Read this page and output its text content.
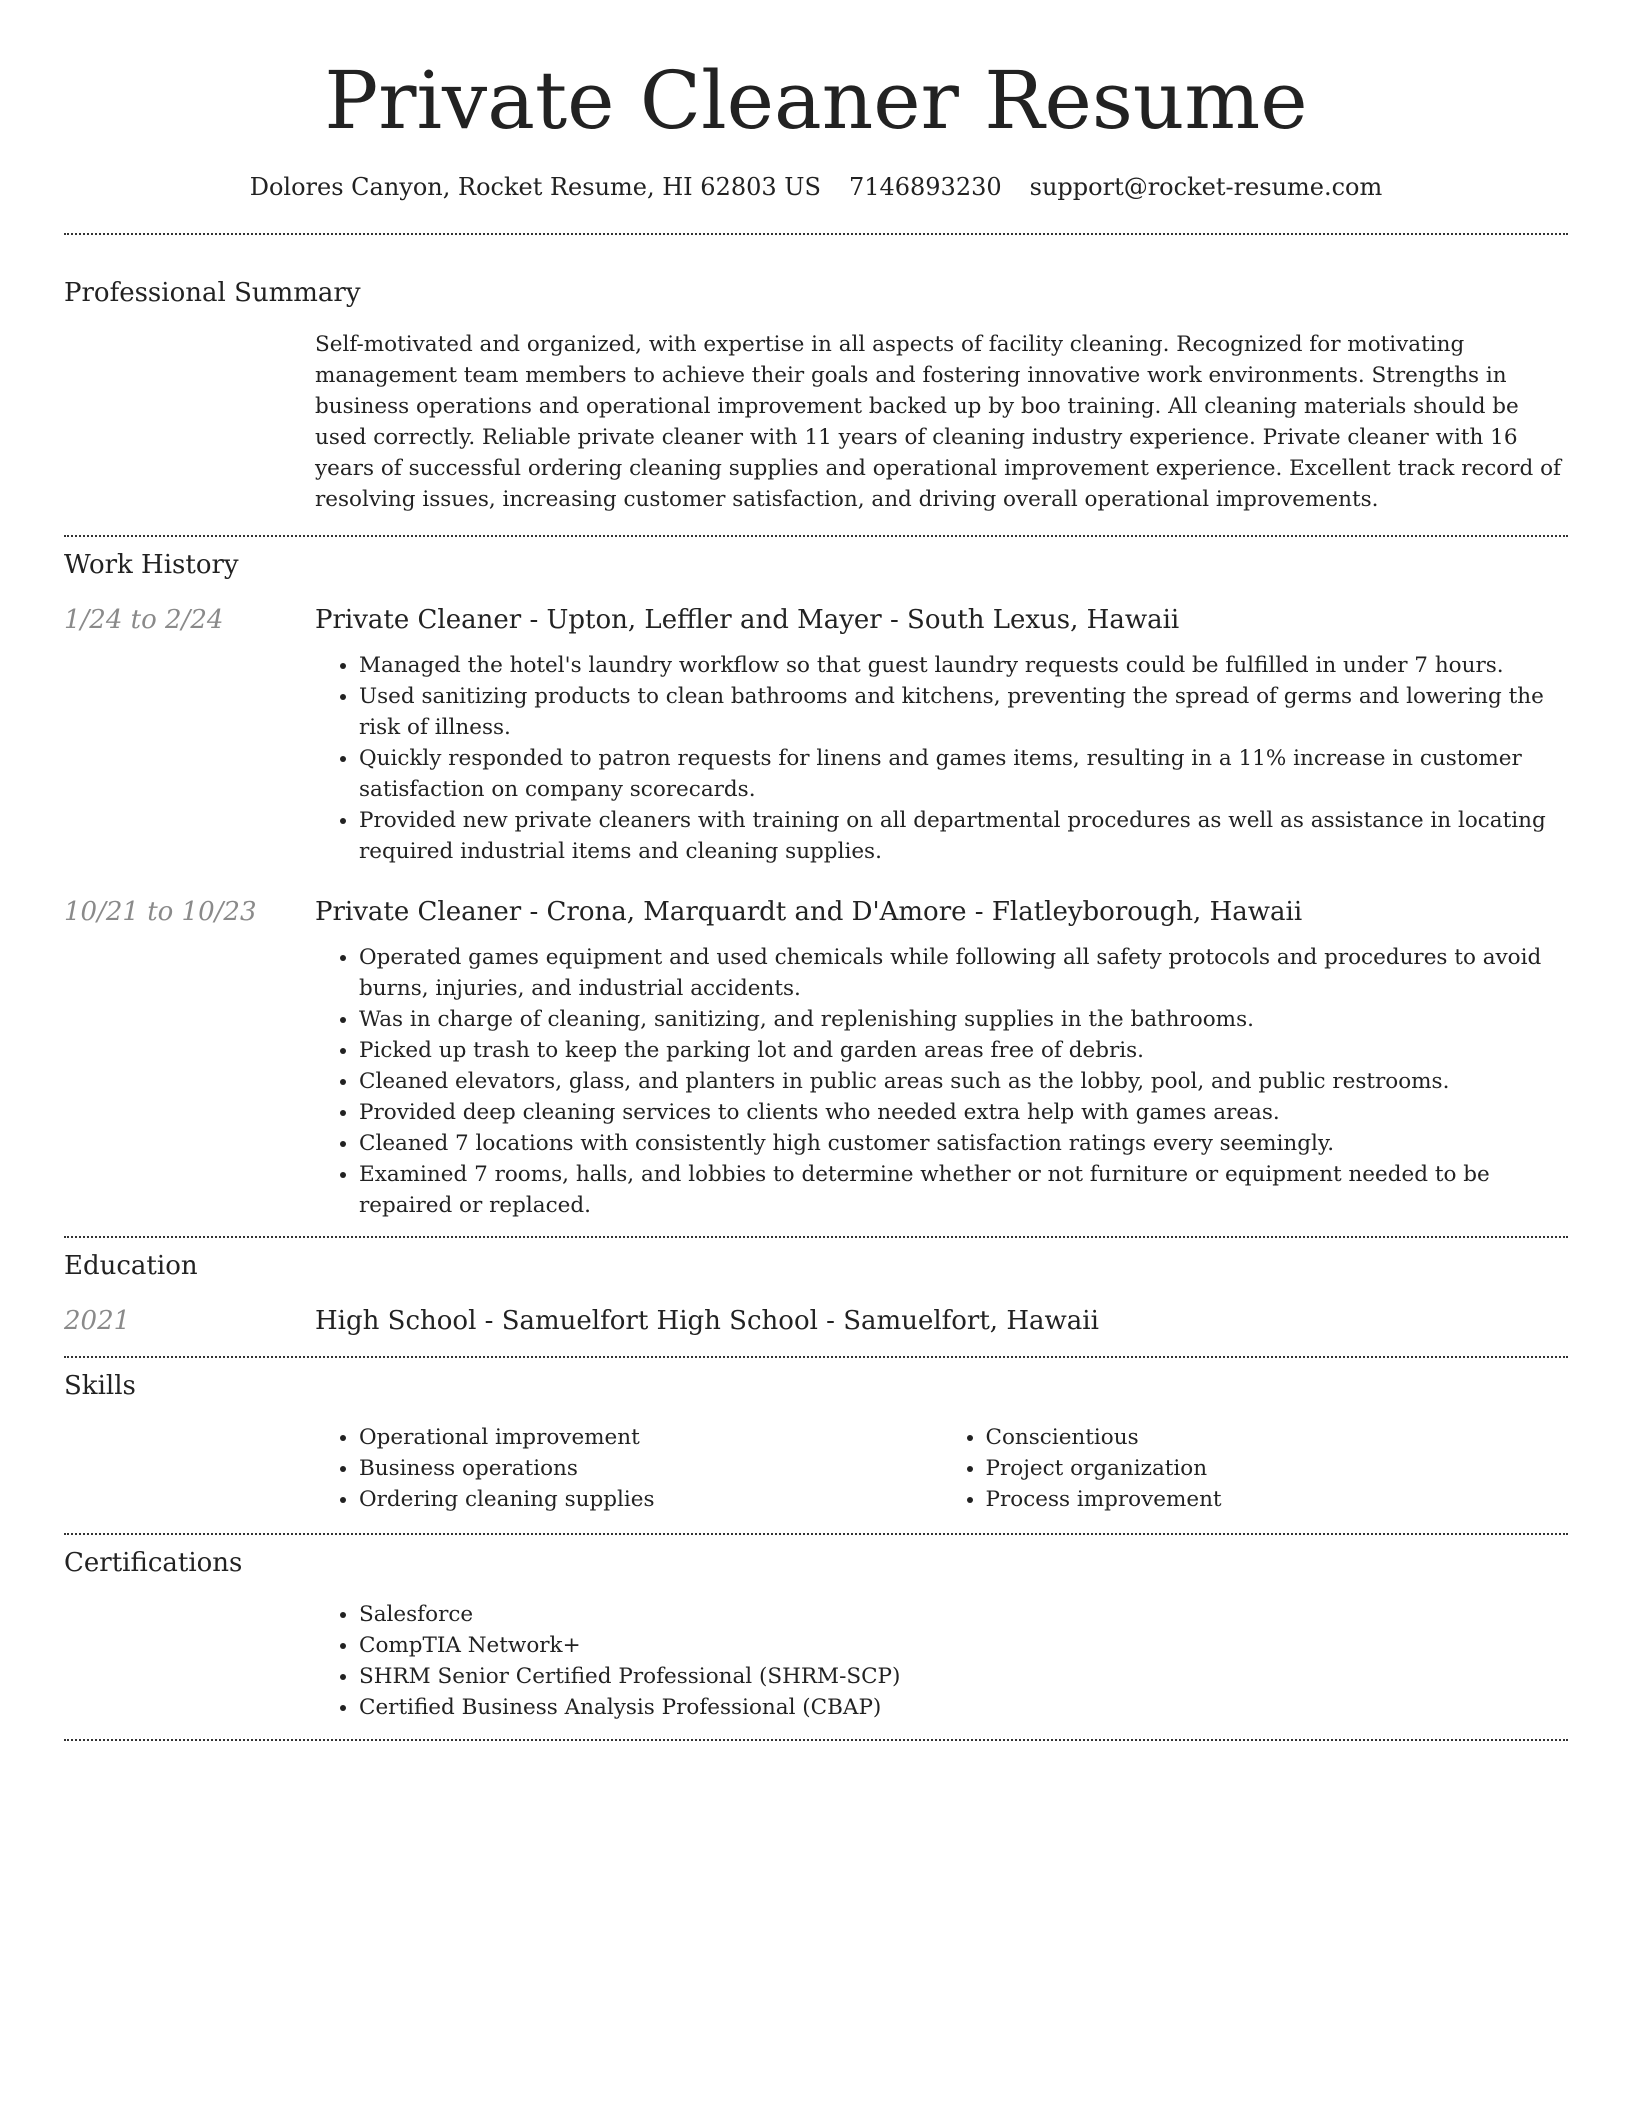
Private Cleaner Resume
Dolores Canyon, Rocket Resume, HI 62803 US 7146893230 support@rocket-resume.com
Professional Summary
Self-motivated and organized, with expertise in all aspects of facility cleaning. Recognized for motivating management team members to achieve their goals and fostering innovative work environments. Strengths in business operations and operational improvement backed up by boo training. All cleaning materials should be used correctly. Reliable private cleaner with 11 years of cleaning industry experience. Private cleaner with 16 years of successful ordering cleaning supplies and operational improvement experience. Excellent track record of resolving issues, increasing customer satisfaction, and driving overall operational improvements.
Work History
1/24 to 2/24	Private Cleaner - Upton, Leffler and Mayer - South Lexus, Hawaii
• Managed the hotel's laundry workflow so that guest laundry requests could be fulfilled in under 7 hours.
• Used sanitizing products to clean bathrooms and kitchens, preventing the spread of germs and lowering the risk of illness.
• Quickly responded to patron requests for linens and games items, resulting in a 11% increase in customer satisfaction on company scorecards.
• Provided new private cleaners with training on all departmental procedures as well as assistance in locating required industrial items and cleaning supplies.
10/21 to 10/23	Private Cleaner - Crona, Marquardt and D'Amore - Flatleyborough, Hawaii
• Operated games equipment and used chemicals while following all safety protocols and procedures to avoid burns, injuries, and industrial accidents.
• Was in charge of cleaning, sanitizing, and replenishing supplies in the bathrooms.
• Picked up trash to keep the parking lot and garden areas free of debris.
• Cleaned elevators, glass, and planters in public areas such as the lobby, pool, and public restrooms.
• Provided deep cleaning services to clients who needed extra help with games areas.
• Cleaned 7 locations with consistently high customer satisfaction ratings every seemingly.
• Examined 7 rooms, halls, and lobbies to determine whether or not furniture or equipment needed to be repaired or replaced.
Education
2021	High School - Samuelfort High School - Samuelfort, Hawaii
Skills
• Operational improvement
• Business operations
• Ordering cleaning supplies
• Conscientious
• Project organization
• Process improvement
Certifications
• Salesforce
• CompTIA Network+
• SHRM Senior Certified Professional (SHRM-SCP)
• Certified Business Analysis Professional (CBAP)
